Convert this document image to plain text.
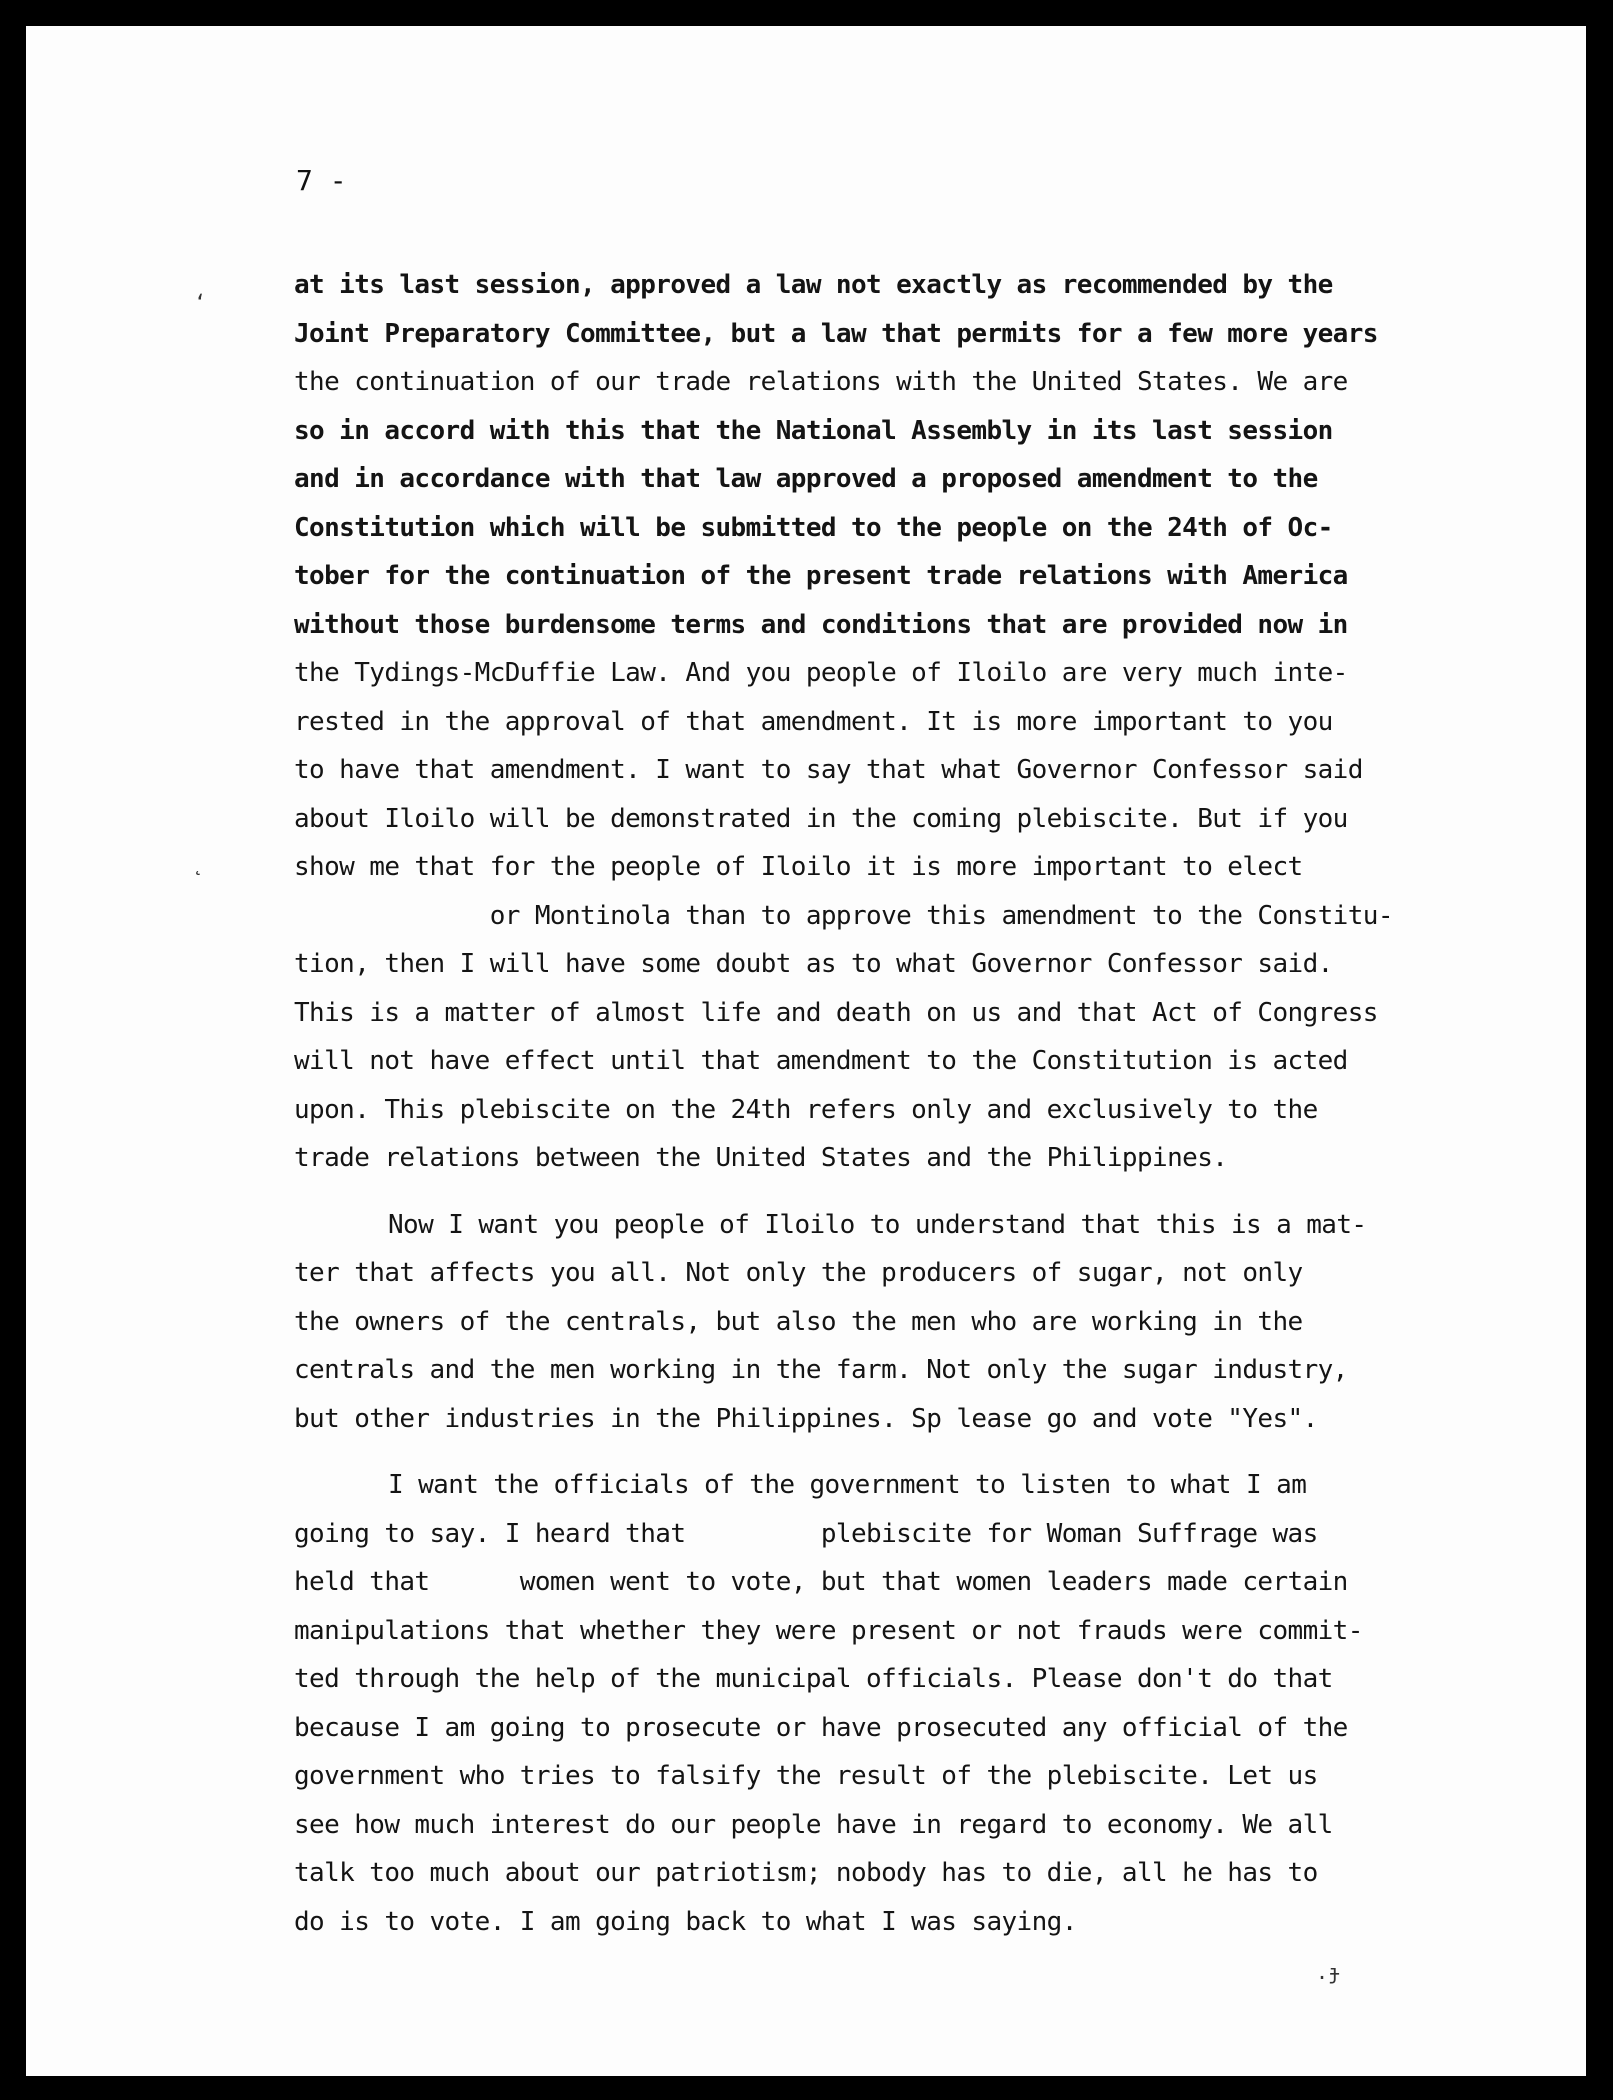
7 -
at its last session, approved a law not exactly as recommended by the
Joint Preparatory Committee, but a law that permits for a few more years
the continuation of our trade relations with the United States. We are
so in accord with this that the National Assembly in its last session
and in accordance with that law approved a proposed amendment to the
Constitution which will be submitted to the people on the 24th of Oc-
tober for the continuation of the present trade relations with America
without those burdensome terms and conditions that are provided now in
the Tydings-McDuffie Law. And you people of Iloilo are very much inte-
rested in the approval of that amendment. It is more important to you
to have that amendment. I want to say that what Governor Confessor said
about Iloilo will be demonstrated in the coming plebiscite. But if you
show me that for the people of Iloilo it is more important to elect
or Montinola than to approve this amendment to the Constitu-
tion, then I will have some doubt as to what Governor Confessor said.
This is a matter of almost life and death on us and that Act of Congress
will not have effect until that amendment to the Constitution is acted
upon. This plebiscite on the 24th refers only and exclusively to the
trade relations between the United States and the Philippines.
Now I want you people of Iloilo to understand that this is a mat-
ter that affects you all. Not only the producers of sugar, not only
the owners of the centrals, but also the men who are working in the
centrals and the men working in the farm. Not only the sugar industry,
but other industries in the Philippines. Sp lease go and vote "Yes".
I want the officials of the government to listen to what I am
going to say. I heard that         plebiscite for Woman Suffrage was
held that      women went to vote, but that women leaders made certain
manipulations that whether they were present or not frauds were commit-
ted through the help of the municipal officials. Please don't do that
because I am going to prosecute or have prosecuted any official of the
government who tries to falsify the result of the plebiscite. Let us
see how much interest do our people have in regard to economy. We all
talk too much about our patriotism; nobody has to die, all he has to
do is to vote. I am going back to what I was saying.
ʻ
˛
.ɟ
